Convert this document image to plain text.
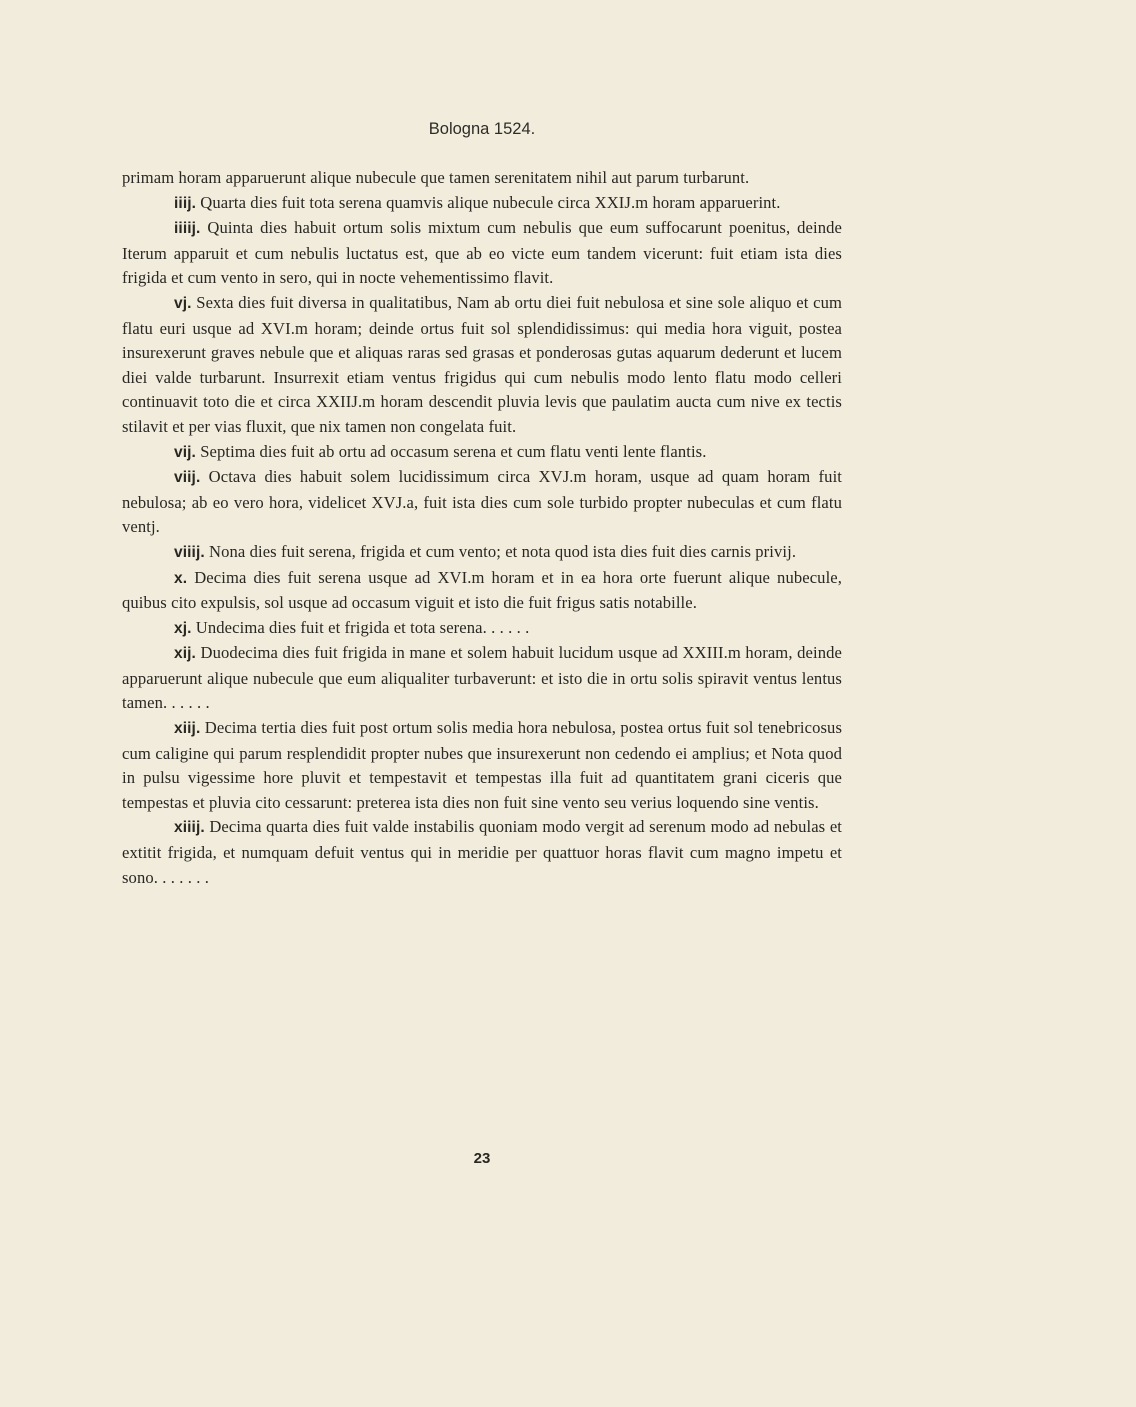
Bologna 1524.

primam horam apparuerunt alique nubecule que tamen serenitatem nihil aut parum turbarunt.

iiij. Quarta dies fuit tota serena quamvis alique nubecule circa XXIJ.m horam apparuerint.

iiiij. Quinta dies habuit ortum solis mixtum cum nebulis que eum suffocarunt poenitus, deinde Iterum apparuit et cum nebulis luctatus est, que ab eo victe eum tandem vicerunt: fuit etiam ista dies frigida et cum vento in sero, qui in nocte vehementissimo flavit.

vj. Sexta dies fuit diversa in qualitatibus, Nam ab ortu diei fuit nebulosa et sine sole aliquo et cum flatu euri usque ad XVI.m horam; deinde ortus fuit sol splendidissimus: qui media hora viguit, postea insurexerunt graves nebule que et aliquas raras sed grasas et ponderosas gutas aquarum dederunt et lucem diei valde turbarunt. Insurrexit etiam ventus frigidus qui cum nebulis modo lento flatu modo celleri continuavit toto die et circa XXIIJ.m horam descendit pluvia levis que paulatim aucta cum nive ex tectis stilavit et per vias fluxit, que nix tamen non congelata fuit.

vij. Septima dies fuit ab ortu ad occasum serena et cum flatu venti lente flantis.

viij. Octava dies habuit solem lucidissimum circa XVJ.m horam, usque ad quam horam fuit nebulosa; ab eo vero hora, videlicet XVJ.a, fuit ista dies cum sole turbido propter nubeculas et cum flatu ventj.

viiij. Nona dies fuit serena, frigida et cum vento; et nota quod ista dies fuit dies carnis privij.

x. Decima dies fuit serena usque ad XVI.m horam et in ea hora orte fuerunt alique nubecule, quibus cito expulsis, sol usque ad occasum viguit et isto die fuit frigus satis notabille.

xj. Undecima dies fuit et frigida et tota serena. . . . . .

xij. Duodecima dies fuit frigida in mane et solem habuit lucidum usque ad XXIII.m horam, deinde apparuerunt alique nubecule que eum aliqualiter turbaverunt: et isto die in ortu solis spiravit ventus lentus tamen. . . . . .

xiij. Decima tertia dies fuit post ortum solis media hora nebulosa, postea ortus fuit sol tenebricosus cum caligine qui parum resplendidit propter nubes que insurexerunt non cedendo ei amplius; et Nota quod in pulsu vigessime hore pluvit et tempestavit et tempestas illa fuit ad quantitatem grani ciceris que tempestas et pluvia cito cessarunt: preterea ista dies non fuit sine vento seu verius loquendo sine ventis.

xiiij. Decima quarta dies fuit valde instabilis quoniam modo vergit ad serenum modo ad nebulas et extitit frigida, et numquam defuit ventus qui in meridie per quattuor horas flavit cum magno impetu et sono. . . . . . .

23
